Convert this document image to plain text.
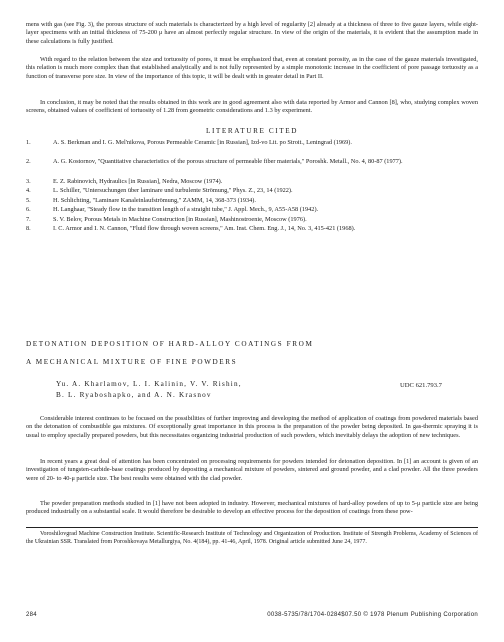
mens with gas (see Fig. 3), the porous structure of such materials is characterized by a high level of regularity [2] already at a thickness of three to five gauze layers, while eight-layer specimens with an initial thickness of 75-200 μ have an almost perfectly regular structure. In view of the origin of the materials, it is evident that the assumption made in these calculations is fully justified.
With regard to the relation between the size and tortuosity of pores, it must be emphasized that, even at constant porosity, as in the case of the gauze materials investigated, this relation is much more complex than that established analytically and is not fully represented by a simple monotonic increase in the coefficient of pore passage tortuosity as a function of transverse pore size. In view of the importance of this topic, it will be dealt with in greater detail in Part II.
In conclusion, it may be noted that the results obtained in this work are in good agreement also with data reported by Armor and Cannon [8], who, studying complex woven screens, obtained values of coefficient of tortuosity of 1.28 from geometric considerations and 1.3 by experiment.
LITERATURE CITED
1.	A. S. Berkman and I. G. Mel'nikova, Porous Permeable Ceramic [in Russian], Izd-vo Lit. po Stroit., Leningrad (1969).
2.	A. G. Kostornov, "Quantitative characteristics of the porous structure of permeable fiber materials," Poroshk. Metall., No. 4, 80-87 (1977).
3.	E. Z. Rabinovich, Hydraulics [in Russian], Nedra, Moscow (1974).
4.	L. Schiller, "Untersuchungen über laminare und turbulente Strömung," Phys. Z., 23, 14 (1922).
5.	H. Schlichting, "Laminare Kanaleinlaufströmung," ZAMM, 14, 368-373 (1934).
6.	H. Langhaar, "Steady flow in the transition length of a straight tube," J. Appl. Mech., 9, A55-A58 (1942).
7.	S. V. Belov, Porous Metals in Machine Construction [in Russian], Mashinostroenie, Moscow (1976).
8.	I. C. Armor and I. N. Cannon, "Fluid flow through woven screens," Am. Inst. Chem. Eng. J., 14, No. 3, 415-421 (1968).
DETONATION DEPOSITION OF HARD-ALLOY COATINGS FROM
A MECHANICAL MIXTURE OF FINE POWDERS
Yu. A. Kharlamov, L. I. Kalinin, V. V. Rishin,
B. L. Ryaboshapko, and A. N. Krasnov
UDC 621.793.7
Considerable interest continues to be focused on the possibilities of further improving and developing the method of application of coatings from powdered materials based on the detonation of combustible gas mixtures. Of exceptionally great importance in this process is the preparation of the powder being deposited. In gas-thermic spraying it is usual to employ specially prepared powders, but this necessitates organizing industrial production of such powders, which inevitably delays the adoption of new techniques.
In recent years a great deal of attention has been concentrated on processing requirements for powders intended for detonation deposition. In [1] an account is given of an investigation of tungsten-carbide-base coatings produced by depositing a mechanical mixture of powders, sintered and ground powder, and a clad powder. All the three powders were of 20- to 40-μ particle size. The best results were obtained with the clad powder.
The powder preparation methods studied in [1] have not been adopted in industry. However, mechanical mixtures of hard-alloy powders of up to 5-μ particle size are being produced industrially on a substantial scale. It would therefore be desirable to develop an effective process for the deposition of coatings from these pow-
Voroshilovgrad Machine Construction Institute. Scientific-Research Institute of Technology and Organization of Production. Institute of Strength Problems, Academy of Sciences of the Ukrainian SSR. Translated from Poroshkovaya Metallurgiya, No. 4(184), pp. 41-46, April, 1978. Original article submitted June 24, 1977.
284	0038-5735/78/1704-0284$07.50 © 1978 Plenum Publishing Corporation
